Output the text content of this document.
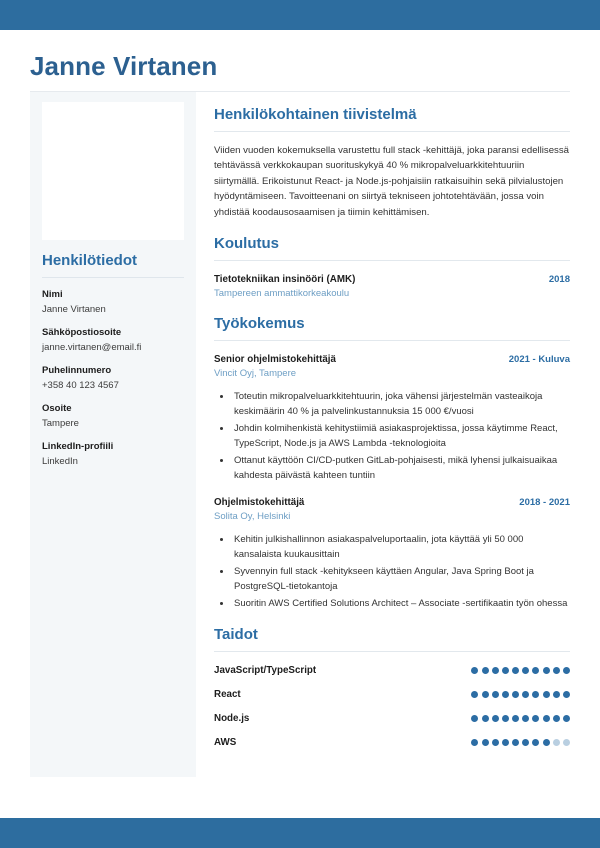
Janne Virtanen
Henkilötiedot
Nimi
Janne Virtanen
Sähköpostiosoite
janne.virtanen@email.fi
Puhelinnumero
+358 40 123 4567
Osoite
Tampere
LinkedIn-profiili
LinkedIn
Henkilökohtainen tiivistelmä

Viiden vuoden kokemuksella varustettu full stack -kehittäjä, joka paransi edellisessä tehtävässä verkkokaupan suorituskykyä 40 % mikropalveluarkkitehtuuriin siirtymällä. Erikoistunut React- ja Node.js-pohjaisiin ratkaisuihin sekä pilvialustojen hyödyntämiseen. Tavoitteenani on siirtyä tekniseen johtotehtävään, jossa voin yhdistää koodausosaamisen ja tiimin kehittämisen.

Koulutus
Tietotekniikan insinööri (AMK)	2018
Tampereen ammattikorkeakoulu
Työkokemus
Senior ohjelmistokehittäjä	2021 - Kuluva
Vincit Oyj, Tampere
• Toteutin mikropalveluarkkitehtuurin, joka vähensi järjestelmän vasteaikoja keskimäärin 40 % ja palvelinkustannuksia 15 000 €/vuosi
• Johdin kolmihenkistä kehitystiimiä asiakasprojektissa, jossa käytimme React, TypeScript, Node.js ja AWS Lambda -teknologioita
• Ottanut käyttöön CI/CD-putken GitLab-pohjaisesti, mikä lyhensi julkaisuaikaa kahdesta päivästä kahteen tuntiin
Ohjelmistokehittäjä	2018 - 2021
Solita Oy, Helsinki
• Kehitin julkishallinnon asiakaspalveluportaalin, jota käyttää yli 50 000 kansalaista kuukausittain
• Syvennyin full stack -kehitykseen käyttäen Angular, Java Spring Boot ja PostgreSQL-tietokantoja
• Suoritin AWS Certified Solutions Architect – Associate -sertifikaatin työn ohessa
Taidot
JavaScript/TypeScript
React
Node.js
AWS
